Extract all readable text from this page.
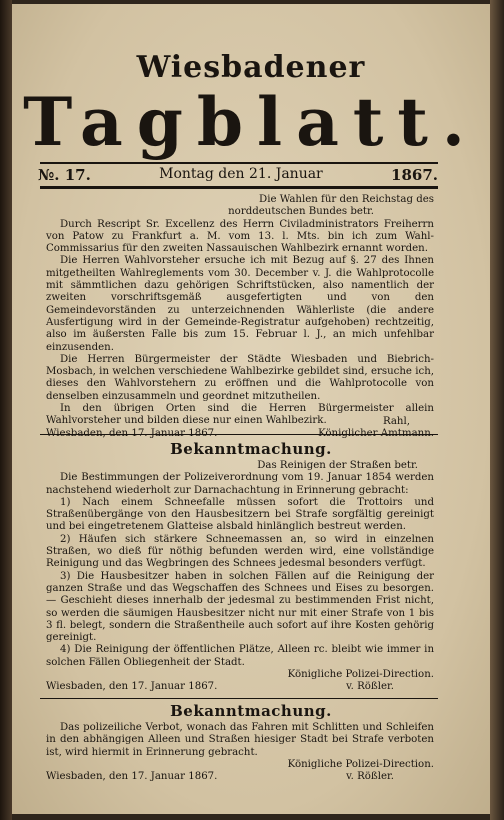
Wiesbadener
Tagblatt.
№. 17.	Montag den 21. Januar	1867.

Die Wahlen für den Reichstag des

norddeutschen Bundes betr.

Durch Rescript Sr. Excellenz des Herrn Civiladministrators Freiherrn von Patow zu Frankfurt a. M. vom 13. l. Mts. bin ich zum Wahl-Commissarius für den zweiten Nassauischen Wahlbezirk ernannt worden.

Die Herren Wahlvorsteher ersuche ich mit Bezug auf §. 27 des Ihnen mitgetheilten Wahlreglements vom 30. December v. J. die Wahlprotocolle mit sämmtlichen dazu gehörigen Schriftstücken, also namentlich der zweiten vorschriftsgemäß ausgefertigten und von den Gemeindevorständen zu unterzeichnenden Wählerliste (die andere Ausfertigung wird in der Gemeinde-Registratur aufgehoben) rechtzeitig, also im äußersten Falle bis zum 15. Februar l. J., an mich unfehlbar einzusenden.

Die Herren Bürgermeister der Städte Wiesbaden und Biebrich-Mosbach, in welchen verschiedene Wahlbezirke gebildet sind, ersuche ich, dieses den Wahlvorstehern zu eröffnen und die Wahlprotocolle von denselben einzusammeln und geordnet mitzutheilen.

In den übrigen Orten sind die Herren Bürgermeister allein Wahlvorsteher und bilden diese nur einen Wahlbezirk.	Rahl,

Wiesbaden, den 17. Januar 1867.	Königlicher Amtmann.
Bekanntmachung.

Das Reinigen der Straßen betr.

Die Bestimmungen der Polizeiverordnung vom 19. Januar 1854 werden nachstehend wiederholt zur Darnachachtung in Erinnerung gebracht:

1) Nach einem Schneefalle müssen sofort die Trottoirs und Straßenübergänge von den Hausbesitzern bei Strafe sorgfältig gereinigt und bei eingetretenem Glatteise alsbald hinlänglich bestreut werden.

2) Häufen sich stärkere Schneemassen an, so wird in einzelnen Straßen, wo dieß für nöthig befunden werden wird, eine vollständige Reinigung und das Wegbringen des Schnees jedesmal besonders verfügt.

3) Die Hausbesitzer haben in solchen Fällen auf die Reinigung der ganzen Straße und das Wegschaffen des Schnees und Eises zu besorgen. — Geschieht dieses innerhalb der jedesmal zu bestimmenden Frist nicht, so werden die säumigen Hausbesitzer nicht nur mit einer Strafe von 1 bis 3 fl. belegt, sondern die Straßentheile auch sofort auf ihre Kosten gehörig gereinigt.

4) Die Reinigung der öffentlichen Plätze, Alleen rc. bleibt wie immer in solchen Fällen Obliegenheit der Stadt.

Königliche Polizei-Direction.

Wiesbaden, den 17. Januar 1867.	v. Rößler.
Bekanntmachung.

Das polizeiliche Verbot, wonach das Fahren mit Schlitten und Schleifen in den abhängigen Alleen und Straßen hiesiger Stadt bei Strafe verboten ist, wird hiermit in Erinnerung gebracht.

Königliche Polizei-Direction.

Wiesbaden, den 17. Januar 1867.	v. Rößler.
